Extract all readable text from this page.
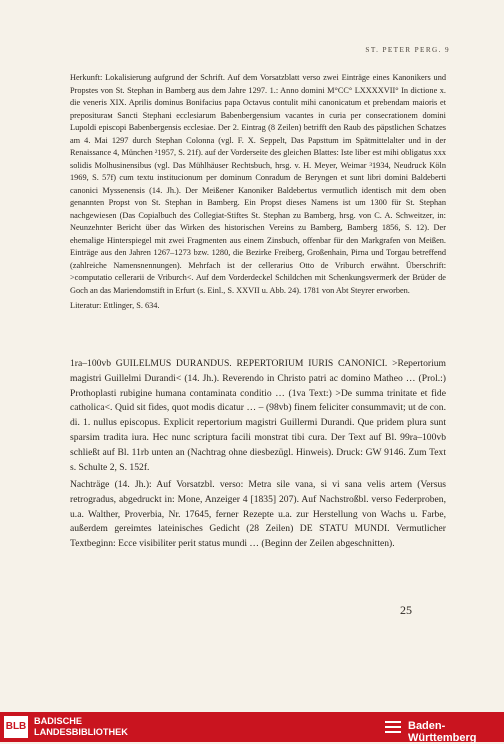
ST. PETER PERG. 9

Herkunft: Lokalisierung aufgrund der Schrift. Auf dem Vorsatzblatt verso zwei Einträge eines Kanonikers und Propstes von St. Stephan in Bamberg aus dem Jahre 1297. 1.: Anno domini M°CC° LXXXXVII° In dictione x. die veneris XIX. Aprilis dominus Bonifacius papa Octavus contulit mihi canonicatum et prebendam maioris et prepositurам Sancti Stephani ecclesiarum Babenbergensium vacantes in curia per consecrationem domini Lupoldi episcopi Babenbergensis ecclesiae. Der 2. Eintrag (8 Zeilen) betrifft den Raub des päpstlichen Schatzes am 4. Mai 1297 durch Stephan Colonna (vgl. F. X. Seppelt, Das Papsttum im Spätmittelalter und in der Renaissance 4, München ²1957, S. 21f). auf der Vorderseite des gleichen Blattes: Iste liber est mihi obligatus xxx solidis Molhusinensibus (vgl. Das Mühlhäuser Rechtsbuch, hrsg. v. H. Meyer, Weimar ³1934, Neudruck Köln 1969, S. 57f) cum textu institucionum per dominum Conradum de Beryngen et sunt libri domini Baldeberti canonici Myssenensis (14. Jh.). Der Meißener Kanoniker Baldebertus vermutlich identisch mit dem oben genannten Propst von St. Stephan in Bamberg. Ein Propst dieses Namens ist um 1300 für St. Stephan nachgewiesen (Das Copialbuch des Collegiat-Stiftes St. Stephan zu Bamberg, hrsg. von C. A. Schweitzer, in: Neunzehnter Bericht über das Wirken des historischen Vereins zu Bamberg, Bamberg 1856, S. 12). Der ehemalige Hinterspiegel mit zwei Fragmenten aus einem Zinsbuch, offenbar für den Markgrafen von Meißen. Einträge aus den Jahren 1267–1273 bzw. 1280, die Bezirke Freiberg, Großenhain, Pirna und Torgau betreffend (zahlreiche Namensnennungen). Mehrfach ist der cellerarius Otto de Vriburch erwähnt. Überschrift: >computatio cellerarii de Vriburch<. Auf dem Vorderdeckel Schildchen mit Schenkungsvermerk der Brüder de Goch an das Mariendomstift in Erfurt (s. Einl., S. XXVII u. Abb. 24). 1781 von Abt Steyrer erworben.

Literatur: Ettlinger, S. 634.

1ra–100vb GUILELMUS DURANDUS. REPERTORIUM IURIS CANONICI. >Repertorium magistri Guillelmi Durandi< (14. Jh.). Reverendo in Christo patri ac domino Matheo … (Prol.:) Prothoplasti rubigine humana contaminata conditio … (1va Text:) >De summa trinitate et fide catholica<. Quid sit fides, quot modis dicatur … – (98vb) finem feliciter consummavit; ut de con. di. 1. nullus episcopus. Explicit repertorium magistri Guillermi Durandi. Que pridem plura sunt sparsim tradita iura. Hec nunc scriptura facili monstrat tibi cura. Der Text auf Bl. 99ra–100vb schließt auf Bl. 11rb unten an (Nachtrag ohne diesbezügl. Hinweis). Druck: GW 9146. Zum Text s. Schulte 2, S. 152f.
Nachträge (14. Jh.): Auf Vorsatzbl. verso: Metra sile vana, si vi sana velis artem (Versus retrogradus, abgedruckt in: Mone, Anzeiger 4 [1835] 207). Auf Nachstroßbl. verso Federproben, u.a. Walther, Proverbia, Nr. 17645, ferner Rezepte u.a. zur Herstellung von Wachs u. Farbe, außerdem gereimtes lateinisches Gedicht (28 Zeilen) DE STATU MUNDI. Vermutlicher Textbeginn: Ecce visibiliter perit status mundi … (Beginn der Zeilen abgeschnitten).
25
BLB BADISCHE
LANDESBIBLIOTHEK	Baden-Württemberg
